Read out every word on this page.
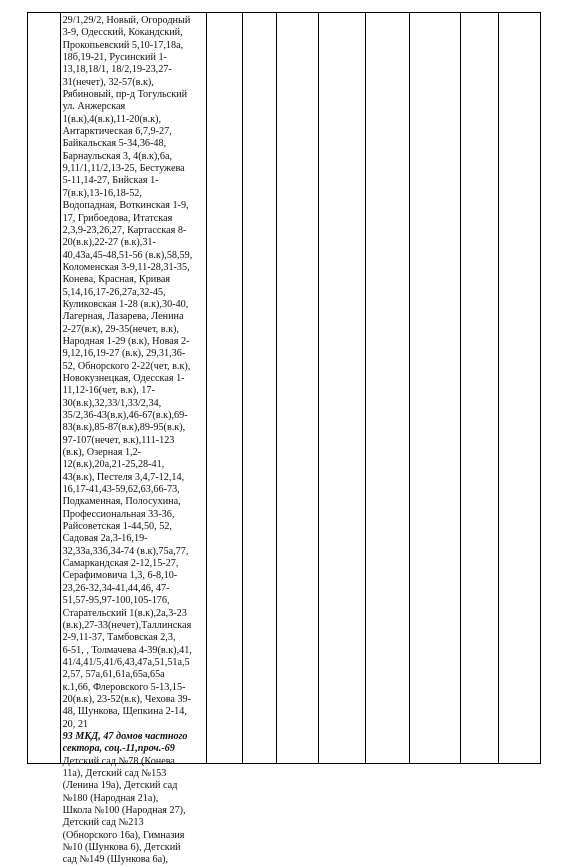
29/1,29/2, Новый, Огородный
3-9, Одесский, Кокандский,
Прокопьевский 5,10-17,18а,
18б,19-21, Русинский 1-
13,18,18/1, 18/2,19-23,27-
31(нечет), 32-57(в.к),
Рябиновый, пр-д Тогульский
ул. Анжерская
1(в.к),4(в.к),11-20(в.к),
Антарктическая 6,7,9-27,
Байкальская 5-34,36-48,
Барнаульская 3, 4(в.к),6а,
9,11/1,11/2,13-25, Бестужева
5-11,14-27, Бийская 1-
7(в.к),13-16,18-52,
Водопадная, Воткинская 1-9,
17, Грибоедова, Итатская
2,3,9-23,26,27, Картасская 8-
20(в.к),22-27 (в.к),31-
40,43а,45-48,51-56 (в.к),58,59,
Коломенская 3-9,11-28,31-35,
Конева, Красная, Кривая
5,14,16,17-26,27а,32-45,
Куликовская 1-28 (в.к),30-40,
Лагерная, Лазарева, Ленина
2-27(в.к), 29-35(нечет, в.к),
Народная 1-29 (в.к), Новая 2-
9,12,16,19-27 (в.к), 29,31,36-
52, Обнорского 2-22(чет, в.к),
Новокузнецкая, Одесская 1-
11,12-16(чет, в.к), 17-
30(в.к),32,33/1,33/2,34,
35/2,36-43(в.к),46-67(в.к),69-
83(в.к),85-87(в.к),89-95(в.к),
97-107(нечет, в.к),111-123
(в.к), Озерная 1,2-
12(в.к),20а,21-25,28-41,
43(в.к), Пестеля 3,4,7-12,14,
16,17-41,43-59,62,63,66-73,
Подкаменная, Полосухина,
Профессиональная 33-36,
Райсоветская 1-44,50, 52,
Садовая 2а,3-16,19-
32,33а,33б,34-74 (в.к),75а,77,
Самаркандская 2-12,15-27,
Серафимовича 1,3, 6-8,10-
23,26-32,34-41,44,46, 47-
51,57-95,97-100,105-176,
Старательский 1(в.к),2а,3-23
(в.к),27-33(нечет),Таллинская
2-9,11-37, Тамбовская 2,3,
6-51, , Толмачева 4-39(в.к),41,
41/4,41/5,41/6,43,47а,51,51а,5
2,57, 57а,61,61а,65а,65а
к.1,66, Флеровского 5-13,15-
20(в.к), 23-52(в.к), Чехова 39-
48, Шункова, Щепкина 2-14,
20, 21
93 МКД, 47 домов частного
сектора, соц.-11,проч.-69
Детский сад №78 (Конева
11а), Детский сад №153
(Ленина 19а), Детский сад
№180 (Народная 21а),
Школа №100 (Народная 27),
Детский сад №213
(Обнорского 16а), Гимназия
№10 (Шункова 6), Детский
сад №149 (Шункова 6а),
